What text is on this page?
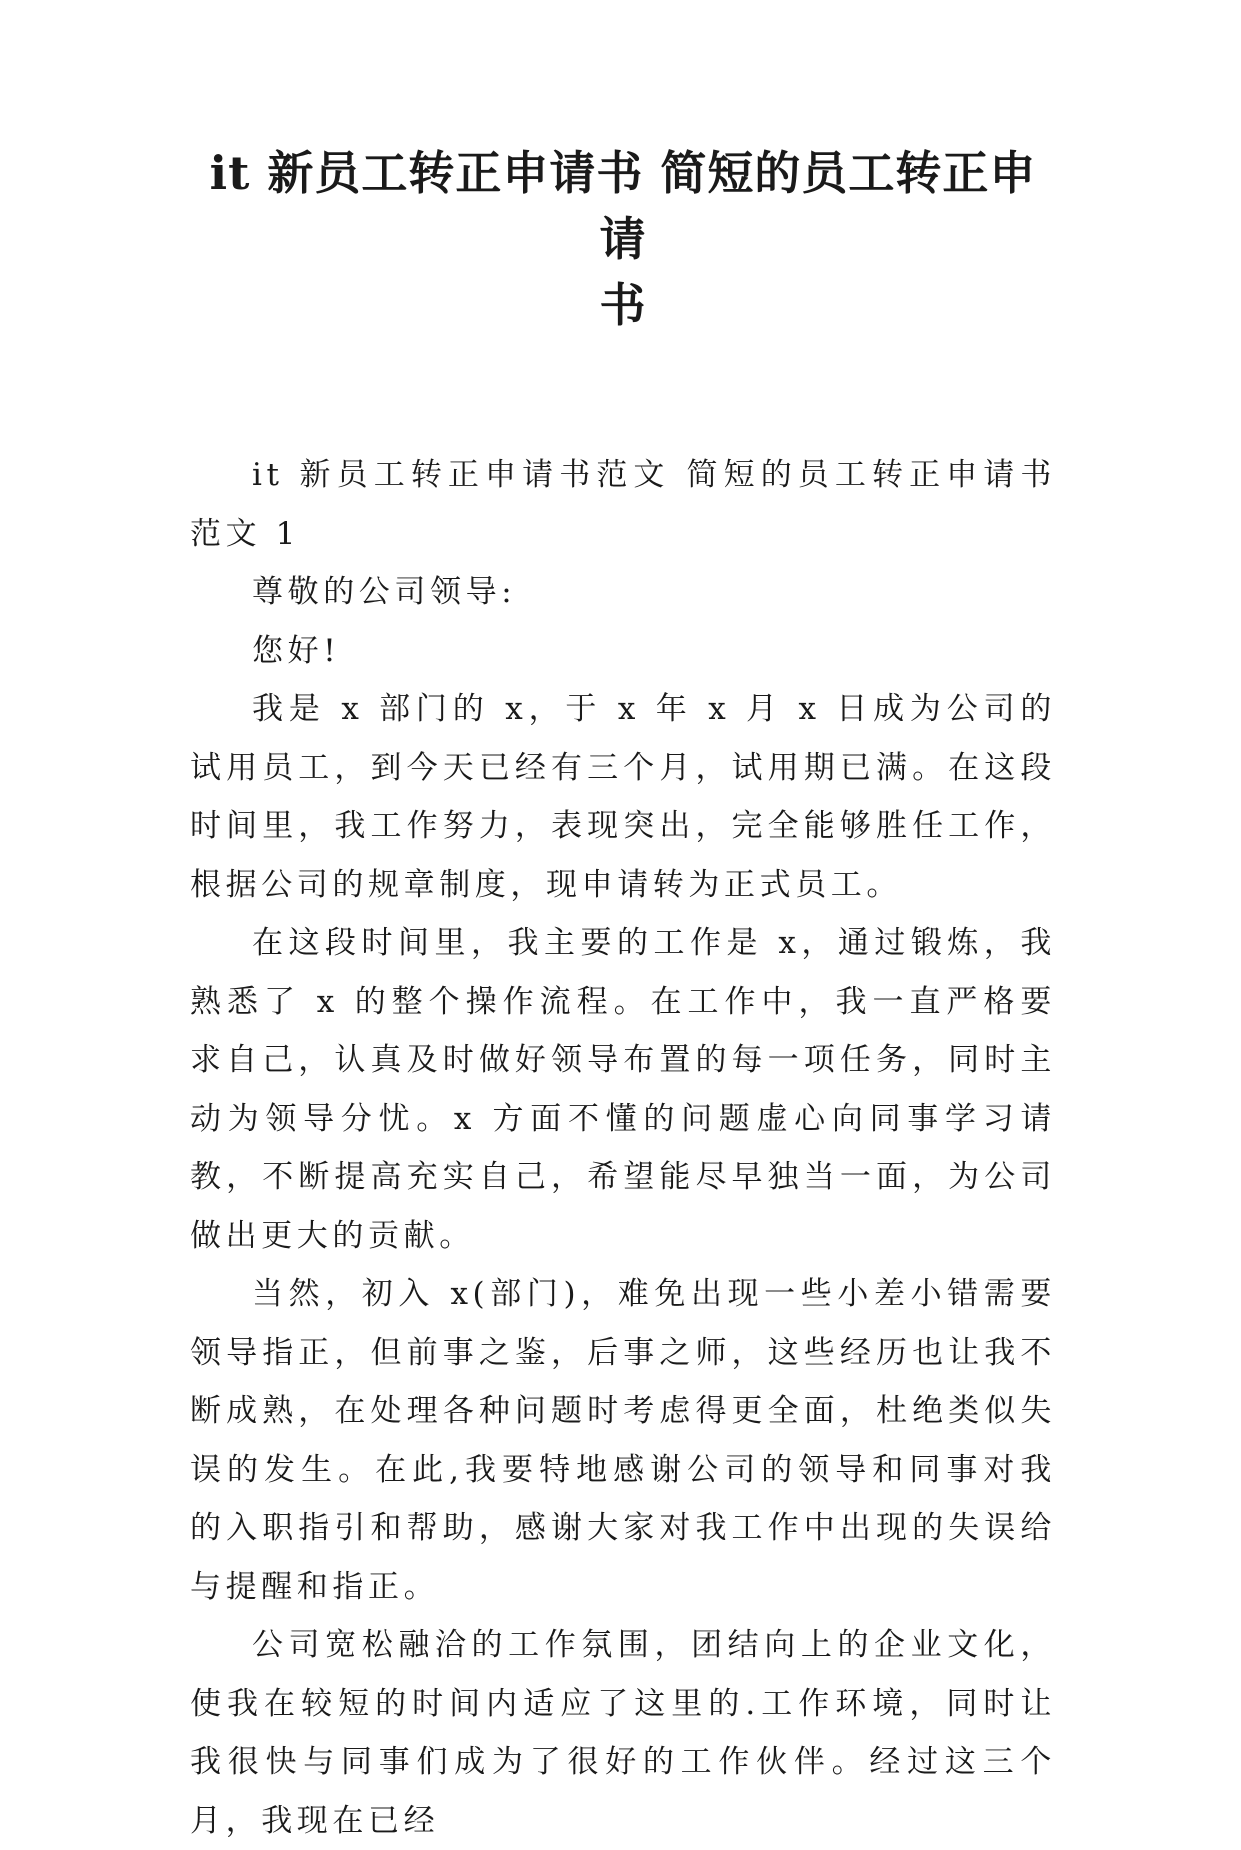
it 新员工转正申请书 简短的员工转正申请
书

it 新员工转正申请书范文 简短的员工转正申请书范文 1

尊敬的公司领导:

您好!

我是 x 部门的 x，于 x 年 x 月 x 日成为公司的试用员工，到今天已经有三个月，试用期已满。在这段时间里，我工作努力，表现突出，完全能够胜任工作，根据公司的规章制度，现申请转为正式员工。

在这段时间里，我主要的工作是 x，通过锻炼，我熟悉了 x 的整个操作流程。在工作中，我一直严格要求自己，认真及时做好领导布置的每一项任务，同时主动为领导分忧。x 方面不懂的问题虚心向同事学习请教，不断提高充实自己，希望能尽早独当一面，为公司做出更大的贡献。

当然，初入 x(部门)，难免出现一些小差小错需要领导指正，但前事之鉴，后事之师，这些经历也让我不断成熟，在处理各种问题时考虑得更全面，杜绝类似失误的发生。在此,我要特地感谢公司的领导和同事对我的入职指引和帮助，感谢大家对我工作中出现的失误给与提醒和指正。

公司宽松融洽的工作氛围，团结向上的企业文化，使我在较短的时间内适应了这里的.工作环境，同时让我很快与同事们成为了很好的工作伙伴。经过这三个月，我现在已经
